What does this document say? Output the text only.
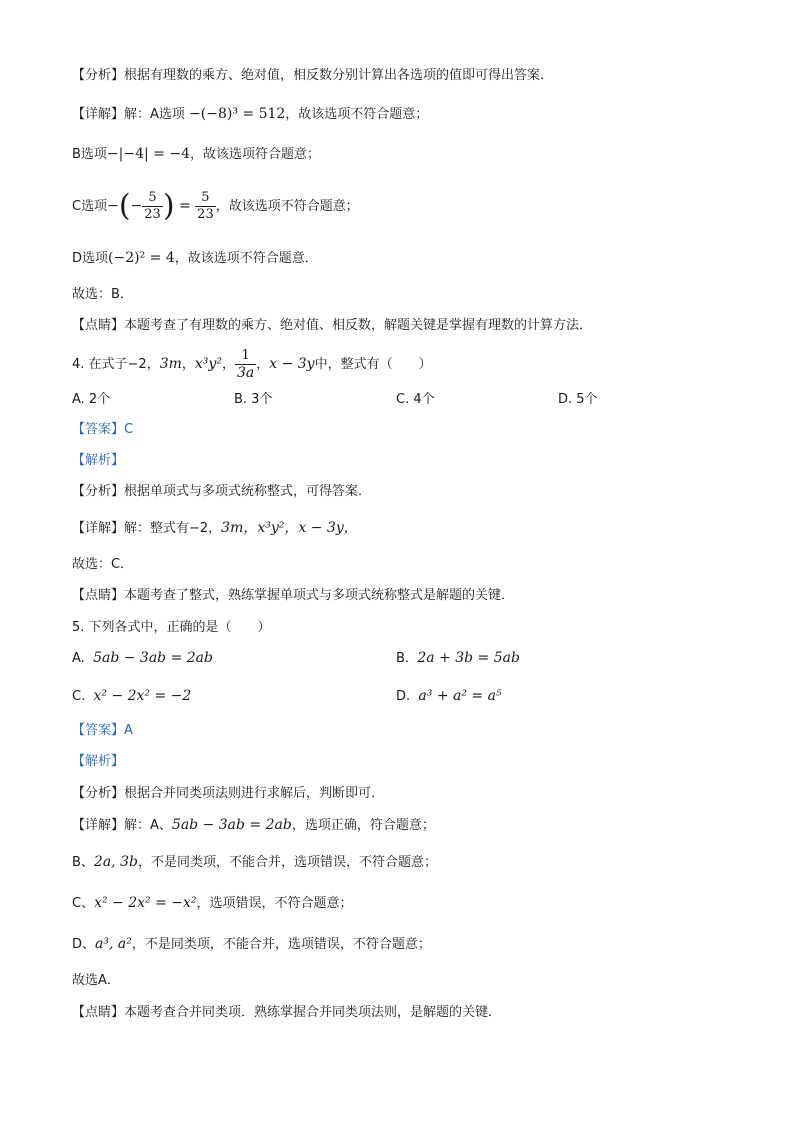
【分析】根据有理数的乘方、绝对值，相反数分别计算出各选项的值即可得出答案．
【详解】解：A选项 −(−8)³ = 512，故该选项不符合题意；
B选项−|−4| = −4，故该选项符合题意；
C选项−(− $\frac{5}{23}$ ) = $\frac{5}{23}$ ，故该选项不符合题意；
D选项(−2)² = 4，故该选项不符合题意．
故选：B．
【点睛】本题考查了有理数的乘方、绝对值、相反数，解题关键是掌握有理数的计算方法．
4. 在式子−2，3m，x³y²， $\frac{1}{3a}$ ，x − 3y中，整式有（　　）
A. 2个	B. 3个	C. 4个	D. 5个
【答案】C
【解析】
【分析】根据单项式与多项式统称整式，可得答案．
【详解】解：整式有−2，3m，x³y²，x − 3y，
故选：C．
【点睛】本题考查了整式，熟练掌握单项式与多项式统称整式是解题的关键．
5. 下列各式中，正确的是（　　）
A. 5ab − 3ab = 2ab	B. 2a + 3b = 5ab
C. x² − 2x² = −2	D. a³ + a² = a⁵
【答案】A
【解析】
【分析】根据合并同类项法则进行求解后，判断即可．
【详解】解：A、5ab − 3ab = 2ab，选项正确，符合题意；
B、2a, 3b，不是同类项，不能合并，选项错误，不符合题意；
C、x² − 2x² = −x²，选项错误，不符合题意；
D、a³, a²，不是同类项，不能合并，选项错误，不符合题意；
故选A．
【点睛】本题考查合并同类项．熟练掌握合并同类项法则，是解题的关键．
